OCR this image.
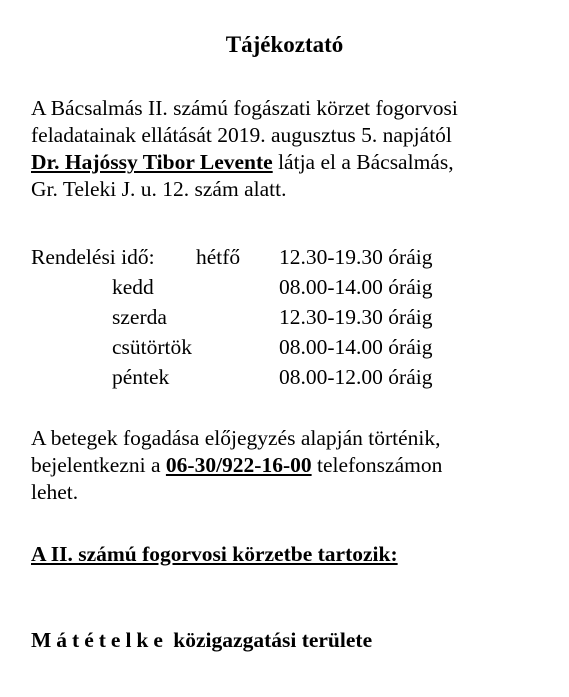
Tájékoztató
A Bácsalmás II. számú fogászati körzet fogorvosi
feladatainak ellátását 2019. augusztus 5. napjától
Dr. Hajóssy Tibor Levente látja el a Bácsalmás,
Gr. Teleki J. u. 12. szám alatt.
Rendelési idő: hétfő 12.30-19.30 óráig
kedd	08.00-14.00 óráig
szerda	12.30-19.30 óráig
csütörtök	08.00-14.00 óráig
péntek	08.00-12.00 óráig
A betegek fogadása előjegyzés alapján történik,
bejelentkezni a 06-30/922-16-00 telefonszámon
lehet.
A II. számú fogorvosi körzetbe tartozik:
Mátételke közigazgatási területe
